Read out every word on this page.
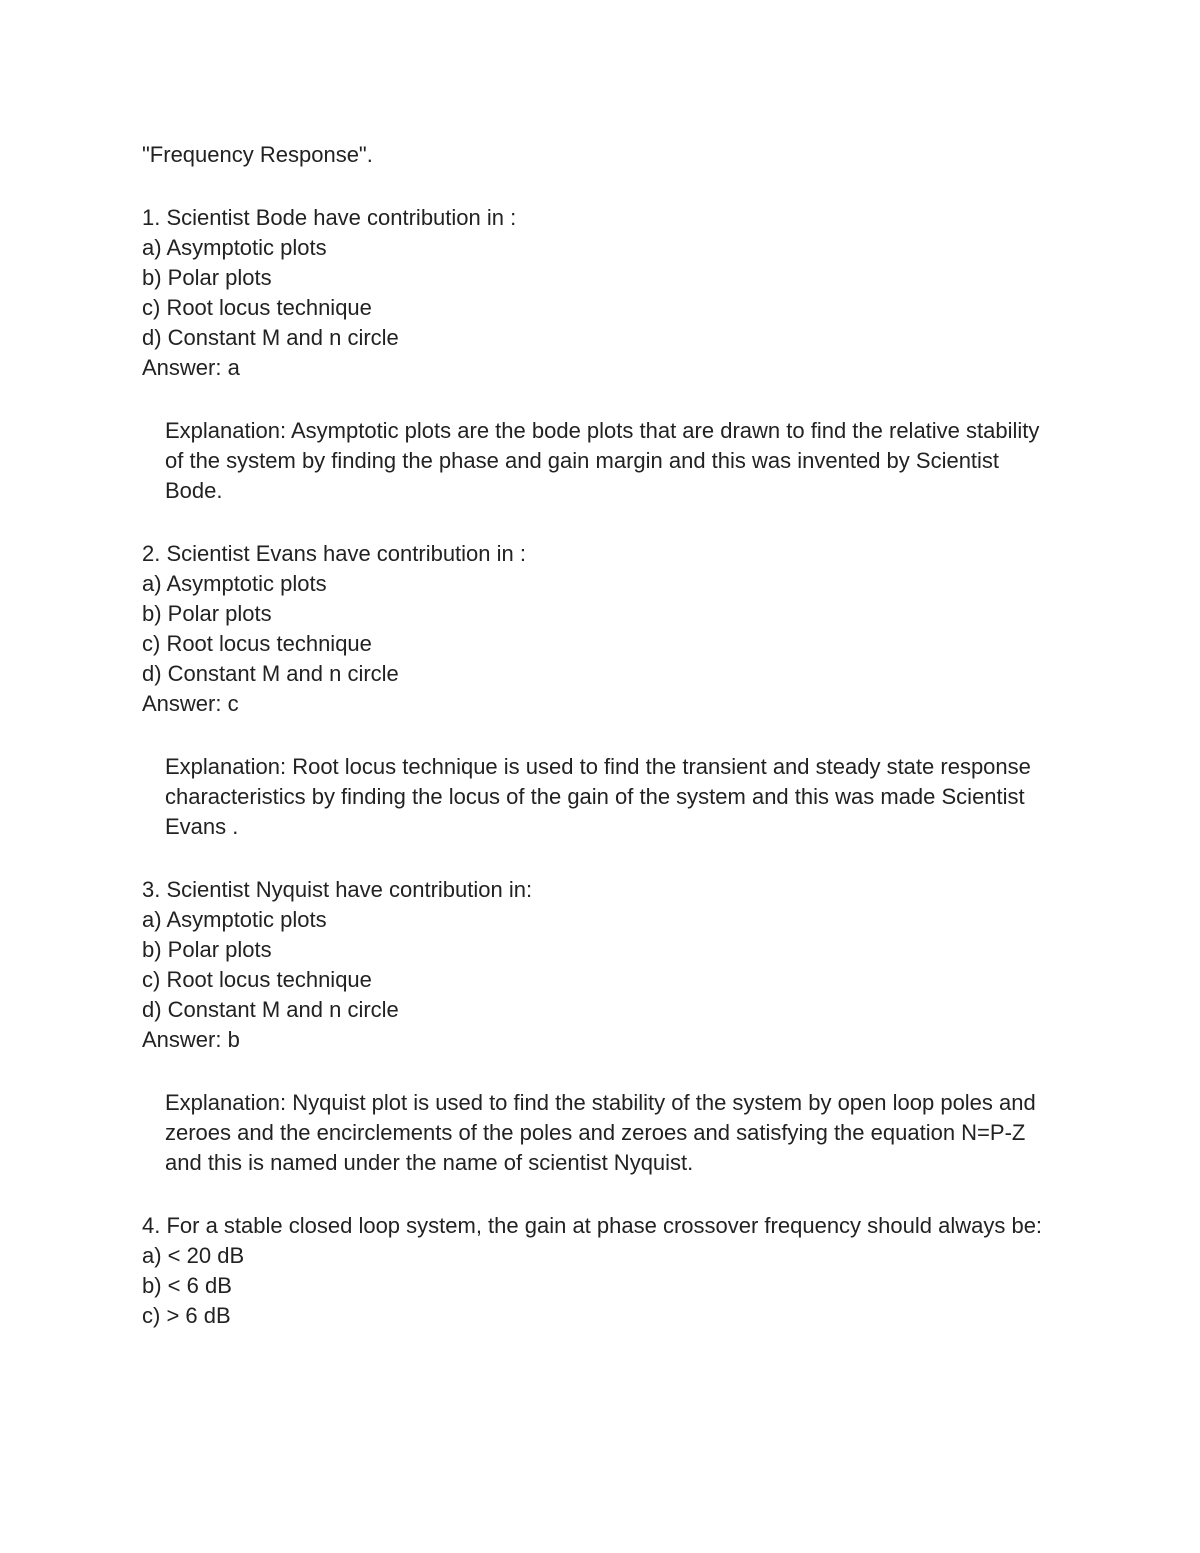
"Frequency Response".
1. Scientist Bode have contribution in :
a) Asymptotic plots
b) Polar plots
c) Root locus technique
d) Constant M and n circle
Answer: a
Explanation: Asymptotic plots are the bode plots that are drawn to find the relative stability of the system by finding the phase and gain margin and this was invented by Scientist Bode.
2. Scientist Evans have contribution in :
a) Asymptotic plots
b) Polar plots
c) Root locus technique
d) Constant M and n circle
Answer: c
Explanation: Root locus technique is used to find the transient and steady state response characteristics by finding the locus of the gain of the system and this was made Scientist Evans .
3. Scientist Nyquist have contribution in:
a) Asymptotic plots
b) Polar plots
c) Root locus technique
d) Constant M and n circle
Answer: b
Explanation: Nyquist plot is used to find the stability of the system by open loop poles and zeroes and the encirclements of the poles and zeroes and satisfying the equation N=P-Z and this is named under the name of scientist Nyquist.
4. For a stable closed loop system, the gain at phase crossover frequency should always be:
a) < 20 dB
b) < 6 dB
c) > 6 dB
